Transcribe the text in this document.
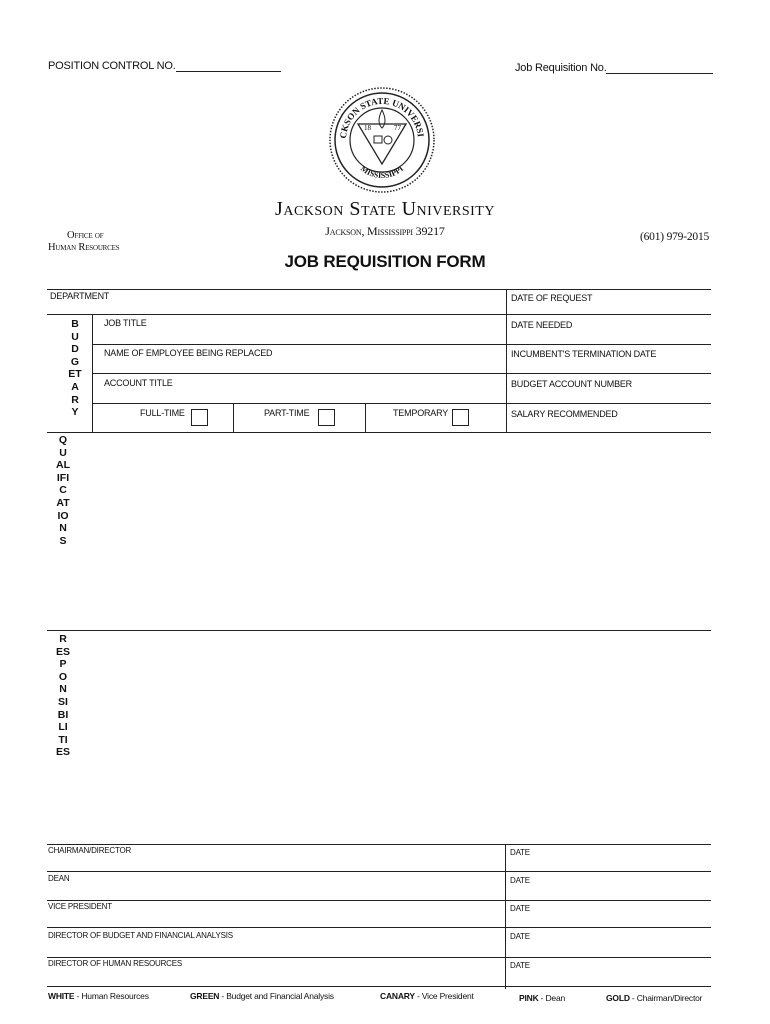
POSITION CONTROL NO.	Job Requisition No.
CKSON STATE UNIVERSI
MISSISSIPPI
18	77
Jackson State University
Jackson, Mississippi 39217
Office of
Human Resources
(601) 979-2015
JOB REQUISITION FORM
DEPARTMENT	DATE OF REQUEST
JOB TITLE	DATE NEEDED
NAME OF EMPLOYEE BEING REPLACED	INCUMBENT'S TERMINATION DATE
ACCOUNT TITLE	BUDGET ACCOUNT NUMBER
FULL-TIME	PART-TIME	TEMPORARY	SALARY RECOMMENDED
BUDGETARY
QUALIFICATIONS
RESPONSIBILITIES
CHAIRMAN/DIRECTOR	DATE
DEAN	DATE
VICE PRESIDENT	DATE
DIRECTOR OF BUDGET AND FINANCIAL ANALYSIS	DATE
DIRECTOR OF HUMAN RESOURCES	DATE
WHITE - Human Resources	GREEN - Budget and Financial Analysis	CANARY - Vice President	PINK - Dean	GOLD - Chairman/Director
